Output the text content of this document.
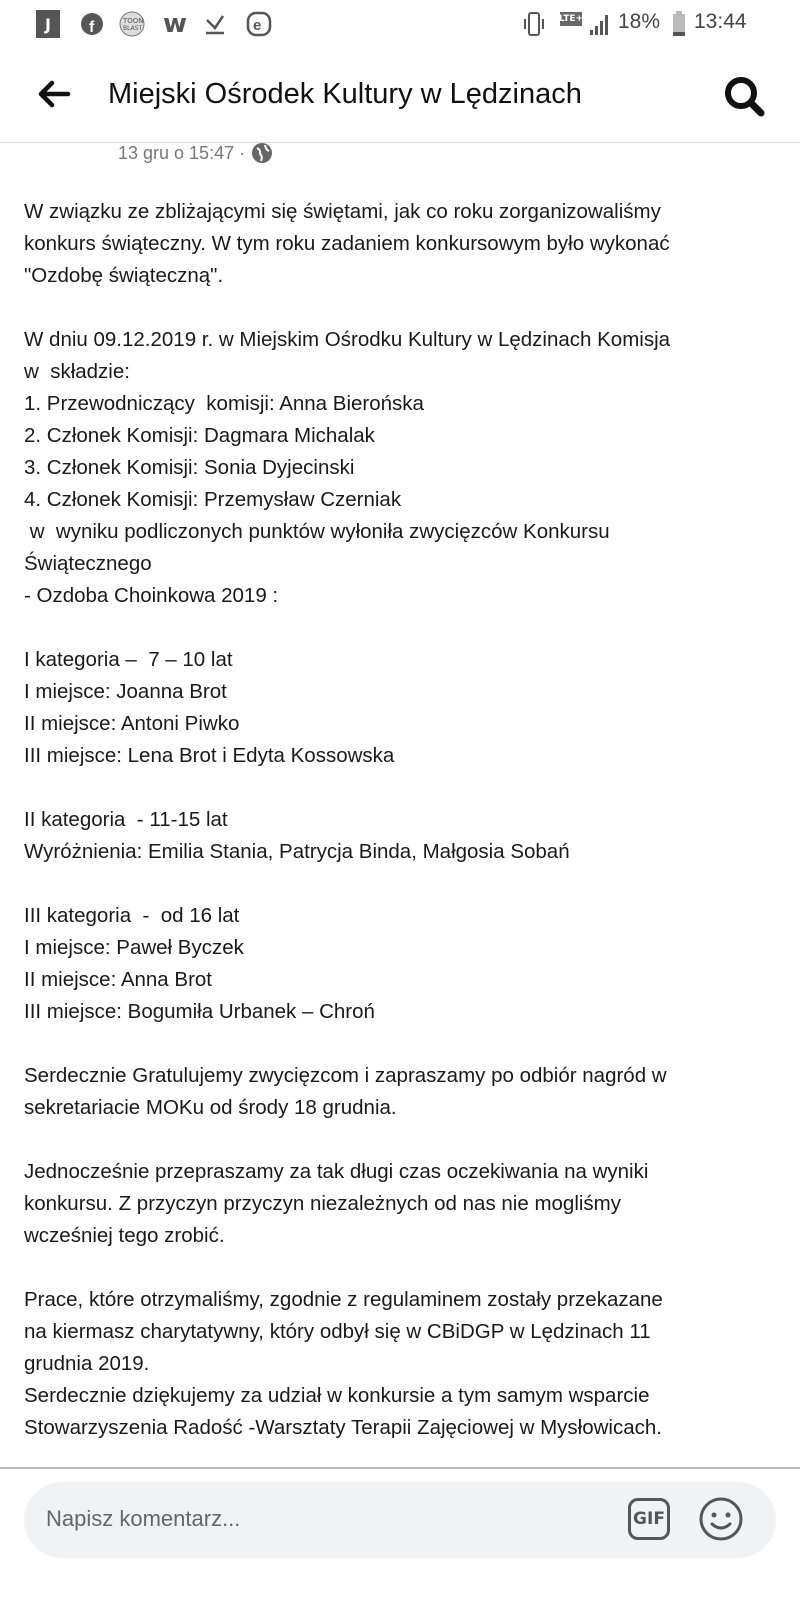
J	f	TOON
BLAST w	e	LTE+ 18% 13:44
Miejski Ośrodek Kultury w Lędzinach
13 gru o 15:47 ·
W związku ze zbliżającymi się świętami, jak co roku zorganizowaliśmy
konkurs świąteczny. W tym roku zadaniem konkursowym było wykonać
"Ozdobę świąteczną".
W dniu 09.12.2019 r. w Miejskim Ośrodku Kultury w Lędzinach Komisja
w  składzie:
1. Przewodniczący  komisji: Anna Bierońska
2. Członek Komisji: Dagmara Michalak
3. Członek Komisji: Sonia Dyjecinski
4. Członek Komisji: Przemysław Czerniak
w  wyniku podliczonych punktów wyłoniła zwycięzców Konkursu
Świątecznego
- Ozdoba Choinkowa 2019 :
I kategoria –  7 – 10 lat
I miejsce: Joanna Brot
II miejsce: Antoni Piwko
III miejsce: Lena Brot i Edyta Kossowska
II kategoria  - 11-15 lat
Wyróżnienia: Emilia Stania, Patrycja Binda, Małgosia Sobań
III kategoria  -  od 16 lat
I miejsce: Paweł Byczek
II miejsce: Anna Brot
III miejsce: Bogumiła Urbanek – Chroń
Serdecznie Gratulujemy zwycięzcom i zapraszamy po odbiór nagród w
sekretariacie MOKu od środy 18 grudnia.
Jednocześnie przepraszamy za tak długi czas oczekiwania na wyniki
konkursu. Z przyczyn przyczyn niezależnych od nas nie mogliśmy
wcześniej tego zrobić.
Prace, które otrzymaliśmy, zgodnie z regulaminem zostały przekazane
na kiermasz charytatywny, który odbył się w CBiDGP w Lędzinach 11
grudnia 2019.
Serdecznie dziękujemy za udział w konkursie a tym samym wsparcie
Stowarzyszenia Radość -Warsztaty Terapii Zajęciowej w Mysłowicach.
Napisz komentarz...	GIF
